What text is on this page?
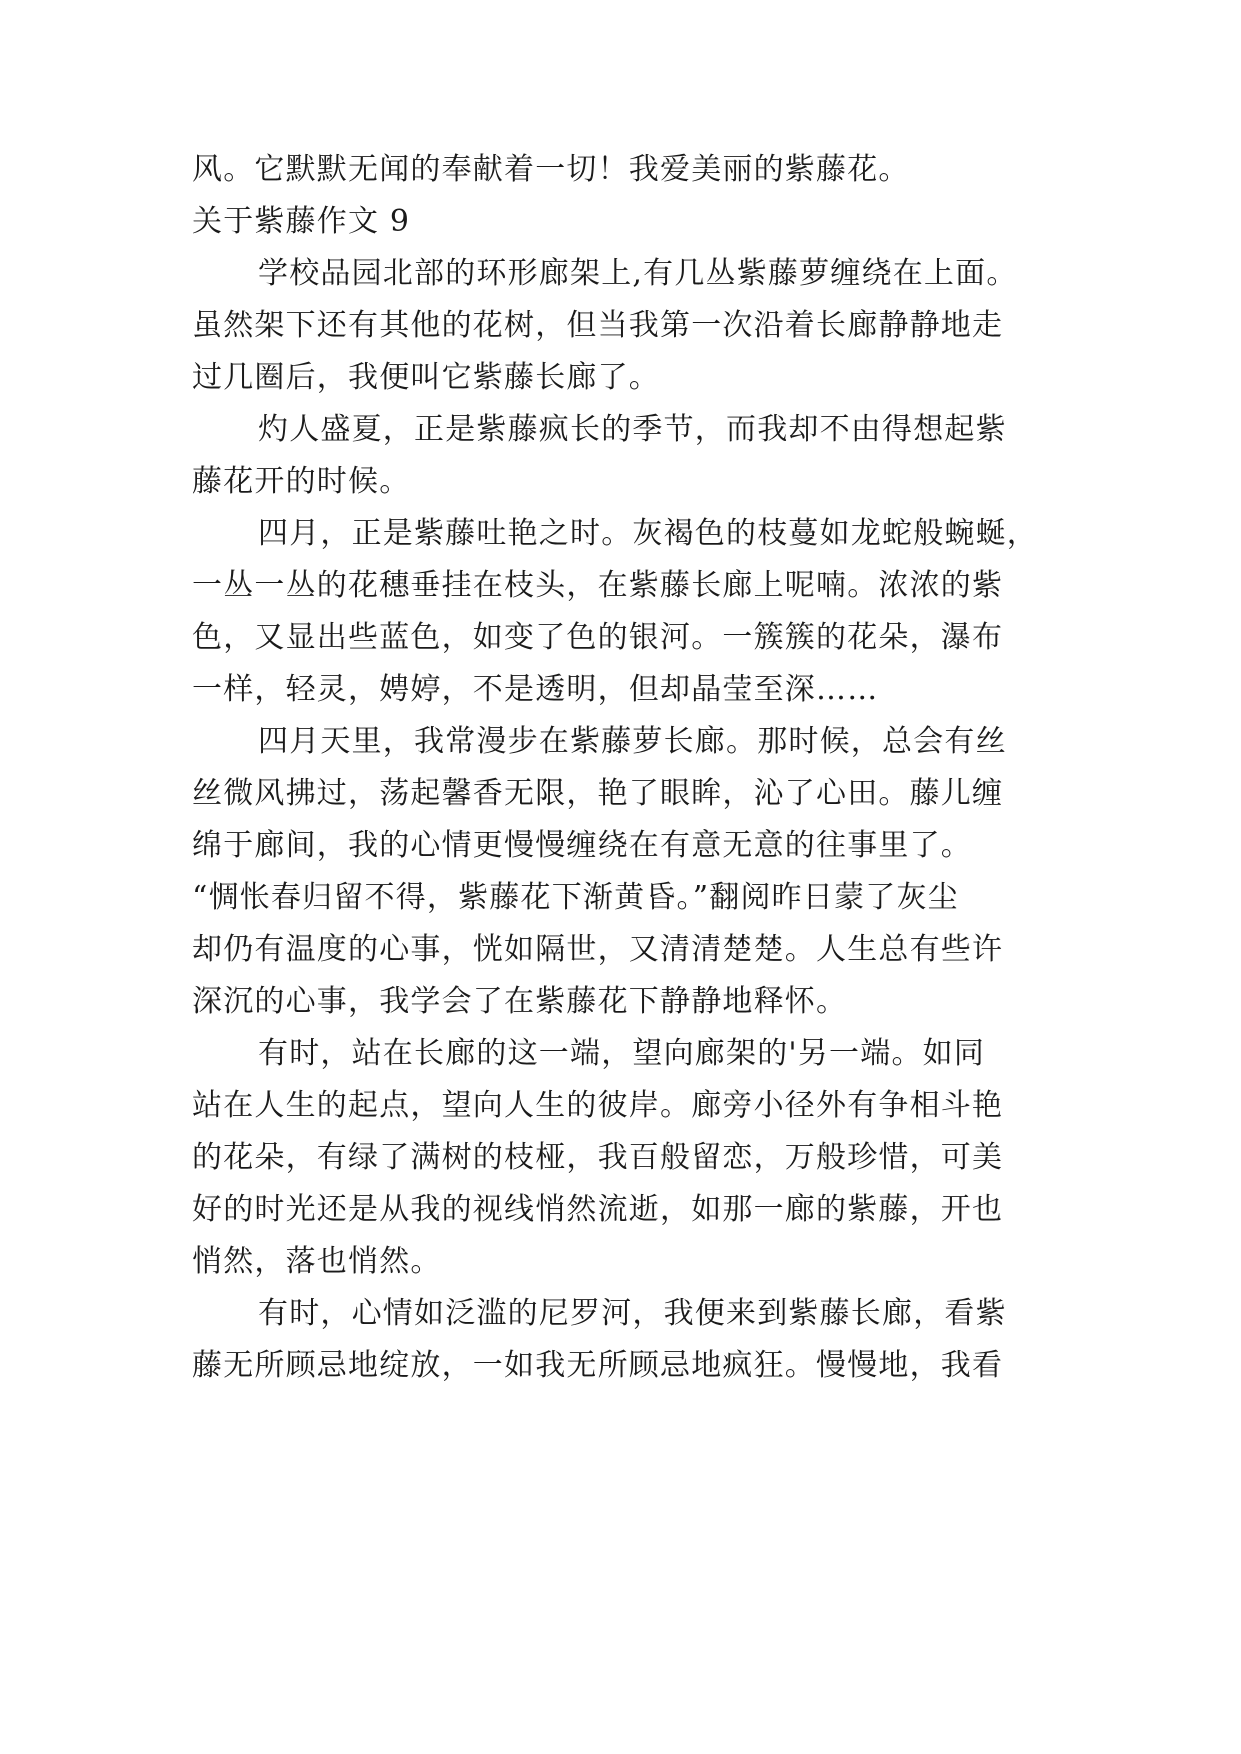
风。它默默无闻的奉献着一切！我爱美丽的紫藤花。
关于紫藤作文 9
学校品园北部的环形廊架上,有几丛紫藤萝缠绕在上面。
虽然架下还有其他的花树，但当我第一次沿着长廊静静地走
过几圈后，我便叫它紫藤长廊了。
灼人盛夏，正是紫藤疯长的季节，而我却不由得想起紫
藤花开的时候。
四月，正是紫藤吐艳之时。灰褐色的枝蔓如龙蛇般蜿蜒，
一丛一丛的花穗垂挂在枝头，在紫藤长廊上呢喃。浓浓的紫
色，又显出些蓝色，如变了色的银河。一簇簇的花朵，瀑布
一样，轻灵，娉婷，不是透明，但却晶莹至深……
四月天里，我常漫步在紫藤萝长廊。那时候，总会有丝
丝微风拂过，荡起馨香无限，艳了眼眸，沁了心田。藤儿缠
绵于廊间，我的心情更慢慢缠绕在有意无意的往事里了。
“惆怅春归留不得，紫藤花下渐黄昏。”翻阅昨日蒙了灰尘
却仍有温度的心事，恍如隔世，又清清楚楚。人生总有些许
深沉的心事，我学会了在紫藤花下静静地释怀。
有时，站在长廊的这一端，望向廊架的'另一端。如同
站在人生的起点，望向人生的彼岸。廊旁小径外有争相斗艳
的花朵，有绿了满树的枝桠，我百般留恋，万般珍惜，可美
好的时光还是从我的视线悄然流逝，如那一廊的紫藤，开也
悄然，落也悄然。
有时，心情如泛滥的尼罗河，我便来到紫藤长廊，看紫
藤无所顾忌地绽放，一如我无所顾忌地疯狂。慢慢地，我看
